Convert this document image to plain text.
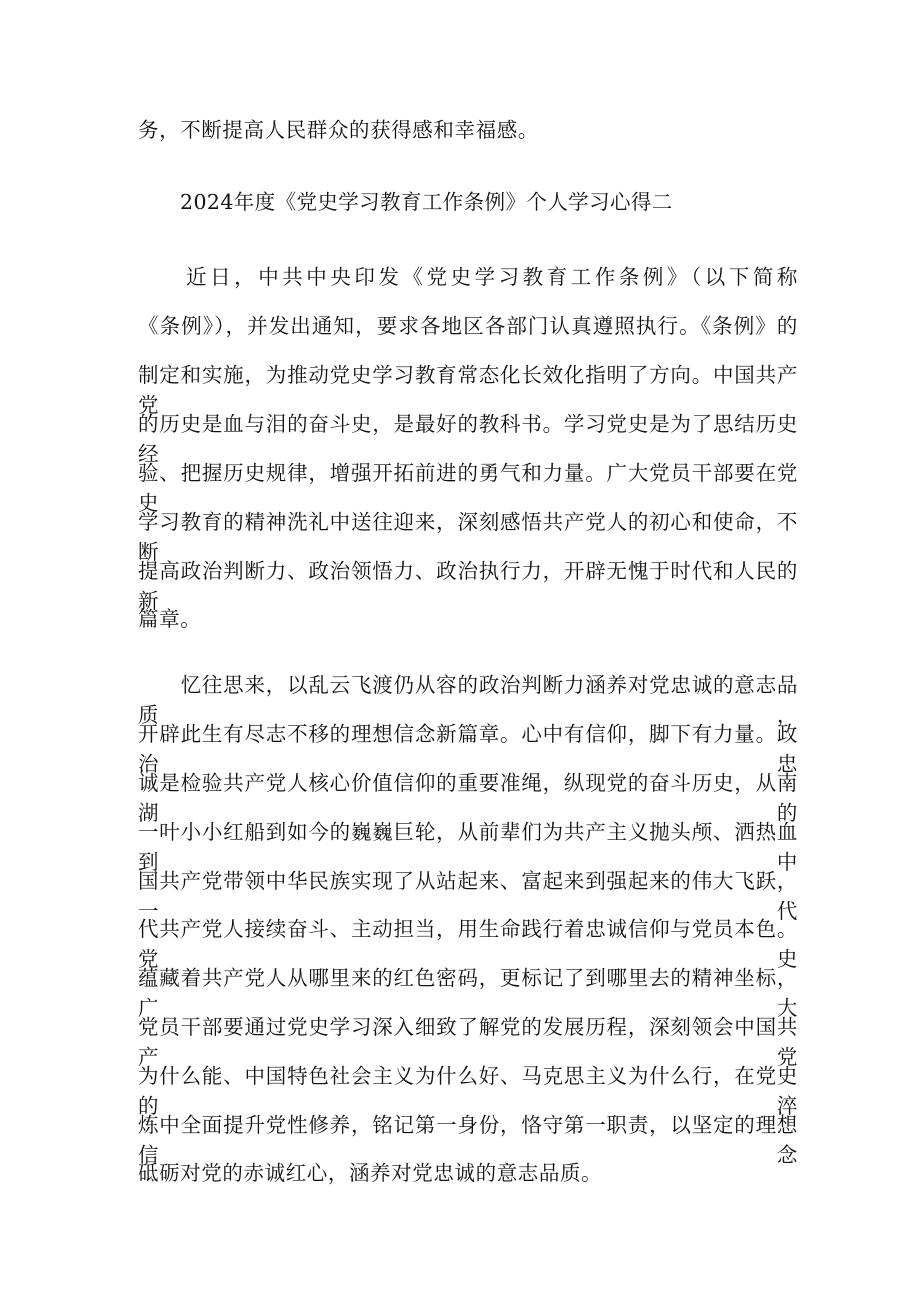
务，不断提高人民群众的获得感和幸福感。
2024年度《党史学习教育工作条例》个人学习心得二
　　近日，中共中央印发《党史学习教育工作条例》（以下简称
《条例》），并发出通知，要求各地区各部门认真遵照执行。《条例》的
制定和实施，为推动党史学习教育常态化长效化指明了方向。中国共产党
的历史是血与泪的奋斗史，是最好的教科书。学习党史是为了思结历史经
验、把握历史规律，增强开拓前进的勇气和力量。广大党员干部要在党史
学习教育的精神洗礼中送往迎来，深刻感悟共产党人的初心和使命，不断
提高政治判断力、政治领悟力、政治执行力，开辟无愧于时代和人民的新
篇章。
　　忆往思来，以乱云飞渡仍从容的政治判断力涵养对党忠诚的意志品质，
开辟此生有尽志不移的理想信念新篇章。心中有信仰，脚下有力量。政治忠
诚是检验共产党人核心价值信仰的重要准绳，纵现党的奋斗历史，从南湖的
一叶小小红船到如今的巍巍巨轮，从前辈们为共产主义抛头颅、洒热血到中
国共产党带领中华民族实现了从站起来、富起来到强起来的伟大飞跃，一代
代共产党人接续奋斗、主动担当，用生命践行着忠诚信仰与党员本色。党史
蕴藏着共产党人从哪里来的红色密码，更标记了到哪里去的精神坐标，广大
党员干部要通过党史学习深入细致了解党的发展历程，深刻领会中国共产党
为什么能、中国特色社会主义为什么好、马克思主义为什么行，在党史的淬
炼中全面提升党性修养，铭记第一身份，恪守第一职责，以坚定的理想信念
砥砺对党的赤诚红心，涵养对党忠诚的意志品质。
